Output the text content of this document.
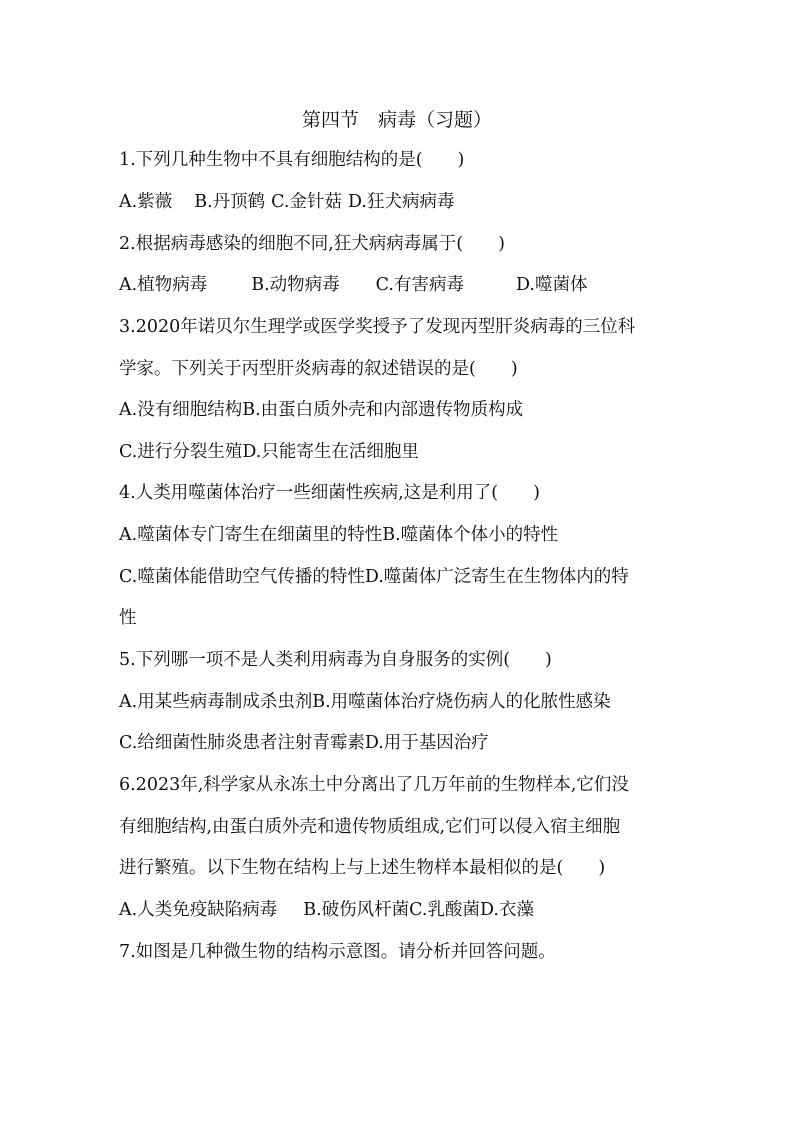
第四节　病毒（习题）
1.下列几种生物中不具有细胞结构的是(　　)
A.紫薇 B.丹顶鹤 C.金针菇 D.狂犬病病毒
2.根据病毒感染的细胞不同,狂犬病病毒属于(　　)
A.植物病毒	B.动物病毒 C.有害病毒	D.噬菌体
3.2020年诺贝尔生理学或医学奖授予了发现丙型肝炎病毒的三位科
学家。下列关于丙型肝炎病毒的叙述错误的是(　　)
A.没有细胞结构B.由蛋白质外壳和内部遗传物质构成
C.进行分裂生殖D.只能寄生在活细胞里
4.人类用噬菌体治疗一些细菌性疾病,这是利用了(　　)
A.噬菌体专门寄生在细菌里的特性B.噬菌体个体小的特性
C.噬菌体能借助空气传播的特性D.噬菌体广泛寄生在生物体内的特
性
5.下列哪一项不是人类利用病毒为自身服务的实例(　　)
A.用某些病毒制成杀虫剂B.用噬菌体治疗烧伤病人的化脓性感染
C.给细菌性肺炎患者注射青霉素D.用于基因治疗
6.2023年,科学家从永冻土中分离出了几万年前的生物样本,它们没
有细胞结构,由蛋白质外壳和遗传物质组成,它们可以侵入宿主细胞
进行繁殖。以下生物在结构上与上述生物样本最相似的是(　　)
A.人类免疫缺陷病毒 B.破伤风杆菌C.乳酸菌D.衣藻
7.如图是几种微生物的结构示意图。请分析并回答问题。
